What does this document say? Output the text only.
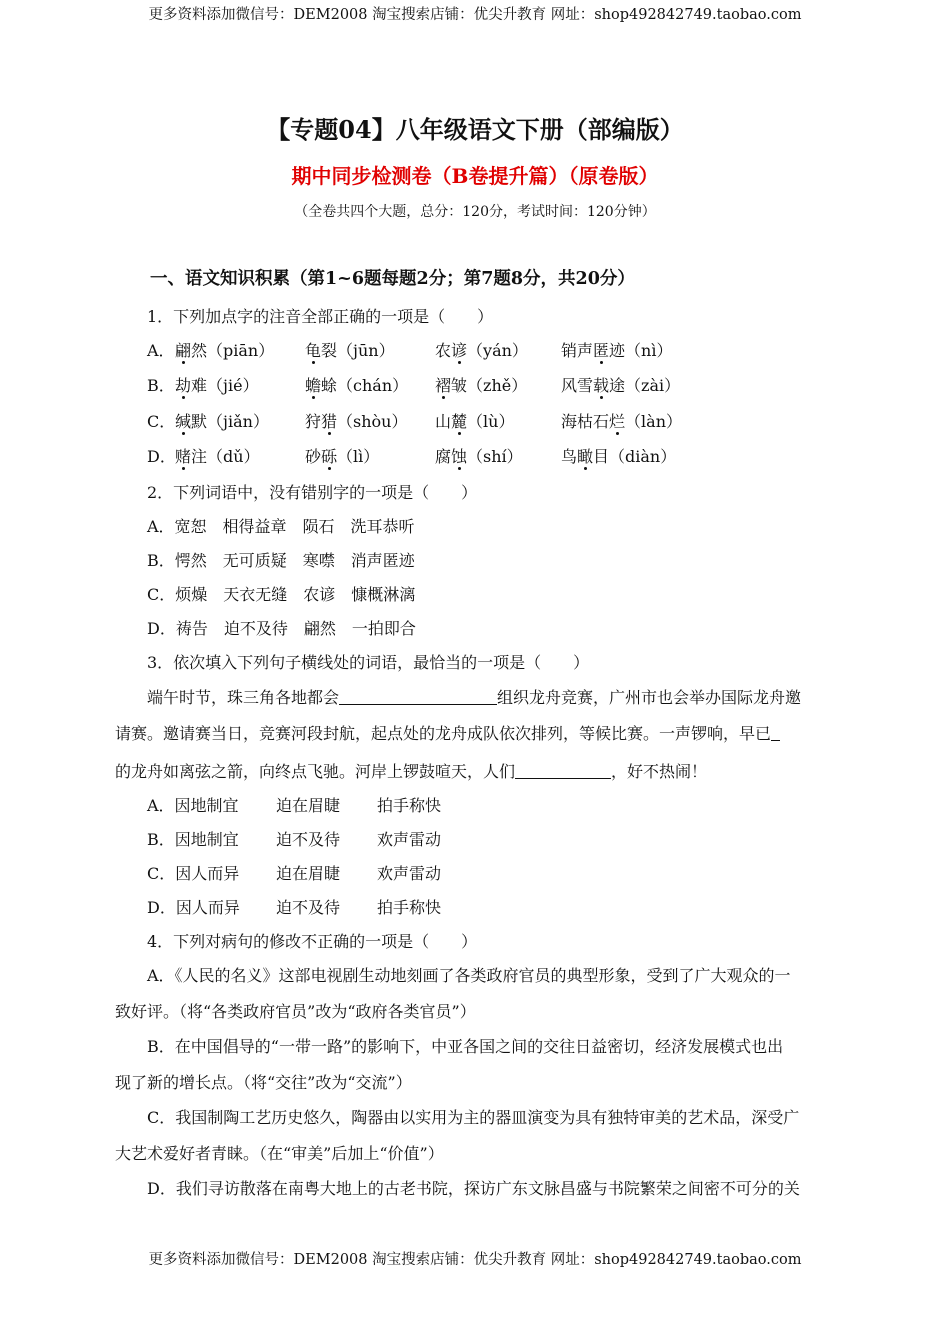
更多资料添加微信号：DEM2008 淘宝搜索店铺：优尖升教育 网址：shop492842749.taobao.com
【专题04】八年级语文下册（部编版）
期中同步检测卷（B卷提升篇）（原卷版）
（全卷共四个大题，总分：120分，考试时间：120分钟）
一、语文知识积累（第1~6题每题2分；第7题8分，共20分）
1．下列加点字的注音全部正确的一项是（　　）
A． 翩然（piān） 龟裂（jūn）	农谚（yán） 销声匿迹（nì）
B． 劫难（jié）	蟾蜍（chán） 褶皱（zhě） 风雪载途（zài）
C． 缄默（jiǎn） 狩猎（shòu） 山麓（lù）	海枯石烂（làn）
D． 赌注（dǔ）	砂砾（lì）	腐蚀（shí） 鸟瞰目（diàn）
2．下列词语中，没有错别字的一项是（　　）
A．宽恕　相得益章　陨石　洗耳恭听
B．愕然　无可质疑　寒噤　消声匿迹
C．烦燥　天衣无缝　农谚　慷概淋漓
D．祷告　迫不及待　翩然　一拍即合
3．依次填入下列句子横线处的词语，最恰当的一项是（　　）
端午时节，珠三角各地都会	组织龙舟竞赛，广州市也会举办国际龙舟邀
请赛。邀请赛当日，竞赛河段封航，起点处的龙舟成队依次排列，等候比赛。一声锣响，早已
的龙舟如离弦之箭，向终点飞驰。河岸上锣鼓喧天，人们	，好不热闹！
A．因地制宜 迫在眉睫 拍手称快
B．因地制宜 迫不及待 欢声雷动
C．因人而异 迫在眉睫 欢声雷动
D．因人而异 迫不及待 拍手称快
4．下列对病句的修改不正确的一项是（　　）
A．《人民的名义》这部电视剧生动地刻画了各类政府官员的典型形象，受到了广大观众的一
致好评。（将“各类政府官员”改为“政府各类官员”）
B．在中国倡导的“一带一路”的影响下，中亚各国之间的交往日益密切，经济发展模式也出
现了新的增长点。（将“交往”改为“交流”）
C．我国制陶工艺历史悠久，陶器由以实用为主的器皿演变为具有独特审美的艺术品，深受广
大艺术爱好者青睐。（在“审美”后加上“价值”）
D．我们寻访散落在南粤大地上的古老书院，探访广东文脉昌盛与书院繁荣之间密不可分的关
更多资料添加微信号：DEM2008 淘宝搜索店铺：优尖升教育 网址：shop492842749.taobao.com
